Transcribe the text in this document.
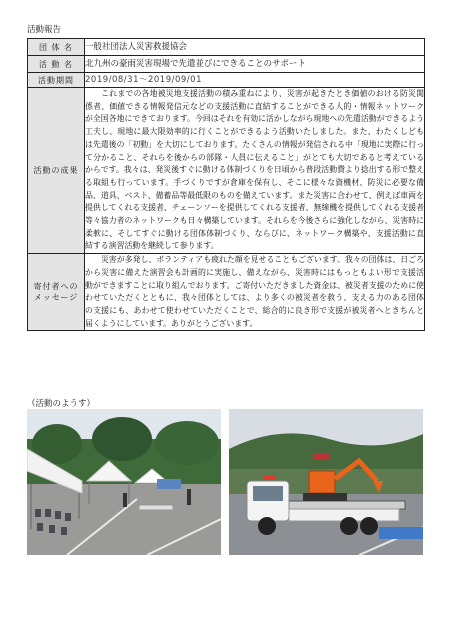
活動報告
団 体 名	一般社団法人災害救援協会
活 動 名	北九州の豪雨災害現場で先遣並びにできることのサポート
活動期間	2019/08/31～2019/09/01
活動の成果	これまでの各地被災地支援活動の積み重ねにより、災害が起きたとき価値のおける防災関係者、価値できる情報発信元などの支援活動に直結することができる人的・情報ネットワークが全国各地にできております。今回はそれを有効に活かしながら現地への先遣活動ができるよう工夫し、現地に最大限効率的に行くことができるよう活動いたしました。また、わたくしどもは先遣後の「初動」を大切にしております。たくさんの情報が発信される中「現地に実際に行って分かること、それらを後からの部隊・人員に伝えること」がとても大切であると考えているからです。我々は、発災後すぐに動ける体制づくりを日頃から普段活動費より捻出する形で整える取組も行っています。手づくりですが倉庫を保有し、そこに様々な資機材、防災に必要な備品、道具、ベスト、備蓄品等最低限のものを備えています。また災害に合わせて、例えば車両を提供してくれる支援者、チェーンソーを提供してくれる支援者、無線機を提供してくれる支援者等々協力者のネットワークも日々構築しています。それらを今後さらに強化しながら、災害時に柔軟に、そしてすぐに動ける団体体制づくり、ならびに、ネットワーク構築や、支援活動に直結する演習活動を継続して参ります。

寄付者への
メッセージ	災害が多発し、ボランティアも疲れた顔を見せることもございます。我々の団体は、日ごろから災害に備えた演習会も計画的に実施し、備えながら、災害時にはもっともよい形で支援活動ができますことに取り組んでおります。ご寄付いただきました資金は、被災者支援のために使わせていただくとともに、我々団体としては、より多くの被災者を救う、支える力のある団体の支援にも、あわせて使わせていただくことで、総合的に良き形で支援が被災者へときちんと届くようにしています。ありがとうございます。
（活動のようす）
